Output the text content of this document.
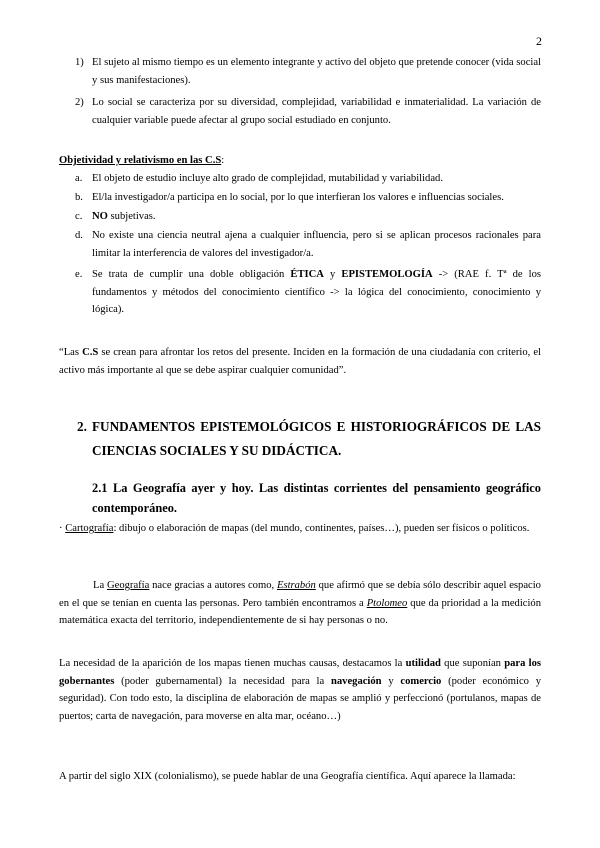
2
1) El sujeto al mismo tiempo es un elemento integrante y activo del objeto que pretende conocer (vida social y sus manifestaciones).
2) Lo social se caracteriza por su diversidad, complejidad, variabilidad e inmaterialidad. La variación de cualquier variable puede afectar al grupo social estudiado en conjunto.
Objetividad y relativismo en las C.S:
a. El objeto de estudio incluye alto grado de complejidad, mutabilidad y variabilidad.
b. El/la investigador/a participa en lo social, por lo que interfieran los valores e influencias sociales.
c. NO subjetivas.
d. No existe una ciencia neutral ajena a cualquier influencia, pero si se aplican procesos racionales para limitar la interferencia de valores del investigador/a.
e. Se trata de cumplir una doble obligación ÉTICA y EPISTEMOLOGÍA -> (RAE f. Tª de los fundamentos y métodos del conocimiento científico -> la lógica del conocimiento, conocimiento y lógica).
“Las C.S se crean para afrontar los retos del presente. Inciden en la formación de una ciudadanía con criterio, el activo más importante al que se debe aspirar cualquier comunidad”.
2. FUNDAMENTOS EPISTEMOLÓGICOS E HISTORIOGRÁFICOS DE LAS CIENCIAS SOCIALES Y SU DIDÁCTICA.
2.1 La Geografía ayer y hoy. Las distintas corrientes del pensamiento geográfico contemporáneo.
· Cartografía: dibujo o elaboración de mapas (del mundo, continentes, países…), pueden ser físicos o políticos.
La Geografía nace gracias a autores como, Estrabón que afirmó que se debía sólo describir aquel espacio en el que se tenían en cuenta las personas. Pero también encontramos a Ptolomeo que da prioridad a la medición matemática exacta del territorio, independientemente de si hay personas o no.
La necesidad de la aparición de los mapas tienen muchas causas, destacamos la utilidad que suponían para los gobernantes (poder gubernamental) la necesidad para la navegación y comercio (poder económico y seguridad). Con todo esto, la disciplina de elaboración de mapas se amplió y perfeccionó (portulanos, mapas de puertos; carta de navegación, para moverse en alta mar, océano…)
A partir del siglo XIX (colonialismo), se puede hablar de una Geografía científica. Aquí aparece la llamada:
